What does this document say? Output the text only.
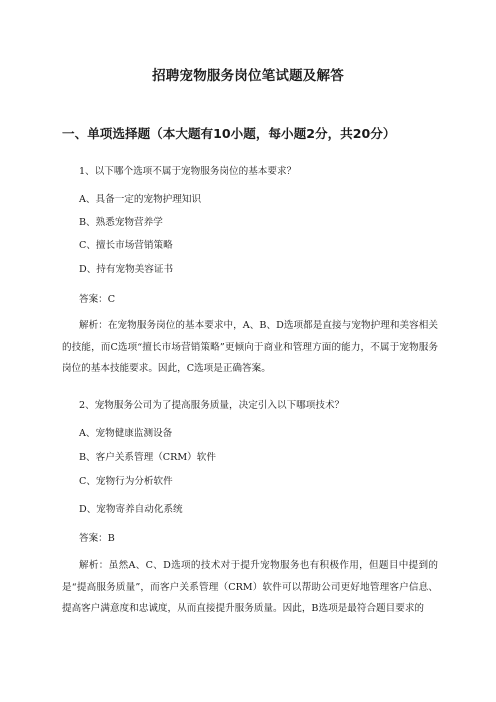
招聘宠物服务岗位笔试题及解答
一、单项选择题（本大题有10小题，每小题2分，共20分）

1、以下哪个选项不属于宠物服务岗位的基本要求？

A、具备一定的宠物护理知识

B、熟悉宠物营养学

C、擅长市场营销策略

D、持有宠物美容证书

答案：C

解析：在宠物服务岗位的基本要求中，A、B、D选项都是直接与宠物护理和美容相关的技能，而C选项“擅长市场营销策略”更倾向于商业和管理方面的能力，不属于宠物服务岗位的基本技能要求。因此，C选项是正确答案。

2、宠物服务公司为了提高服务质量，决定引入以下哪项技术？

A、宠物健康监测设备

B、客户关系管理（CRM）软件

C、宠物行为分析软件

D、宠物寄养自动化系统

答案：B

解析：虽然A、C、D选项的技术对于提升宠物服务也有积极作用，但题目中提到的是“提高服务质量”，而客户关系管理（CRM）软件可以帮助公司更好地管理客户信息、提高客户满意度和忠诚度，从而直接提升服务质量。因此，B选项是最符合题目要求的
